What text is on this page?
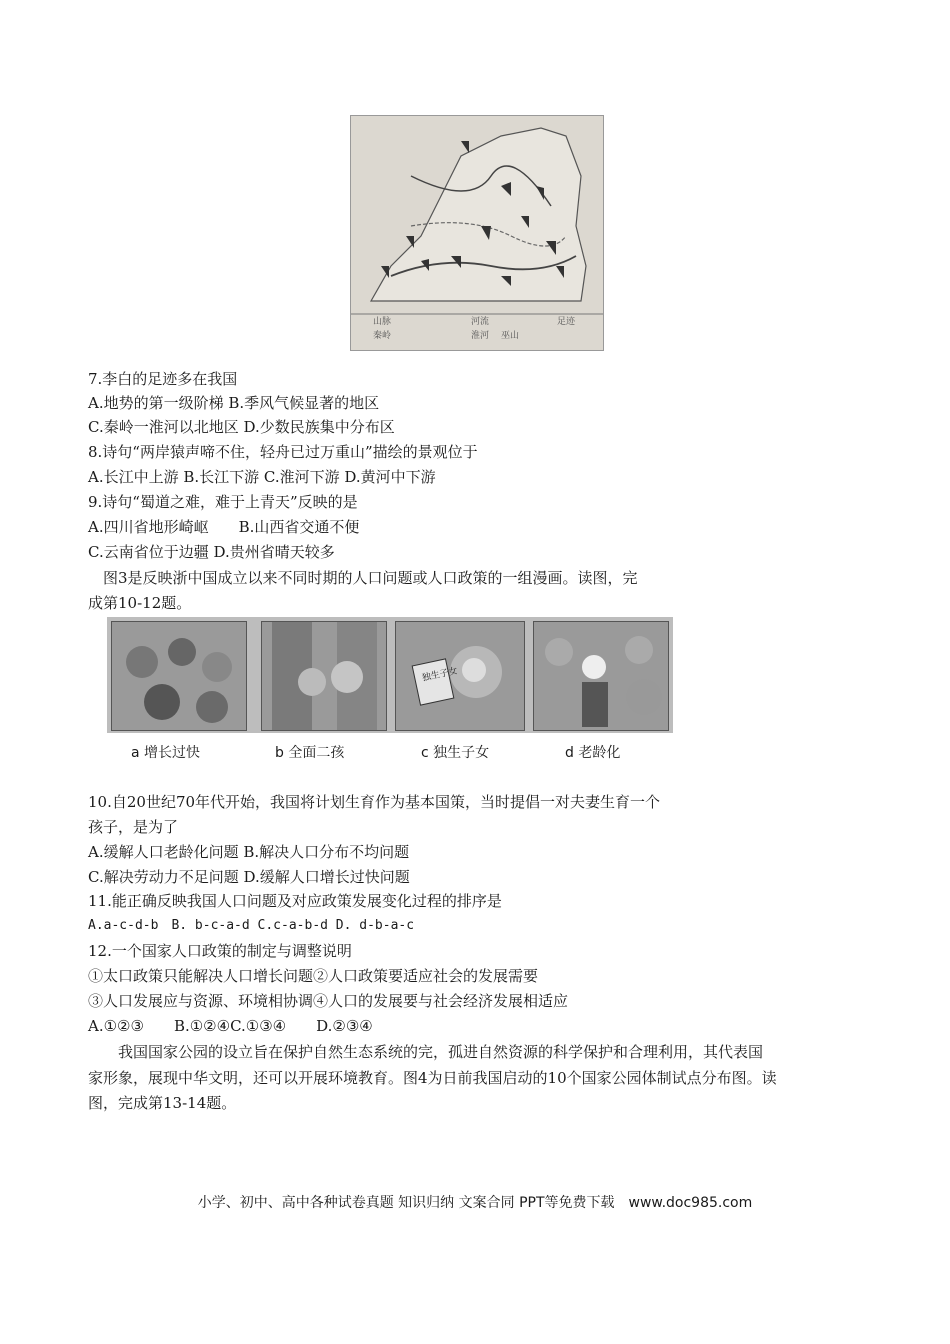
山脉	河流	足迹
秦岭	淮河 巫山
7.李白的足迹多在我国
A.地势的第一级阶梯 B.季风气候显著的地区
C.秦岭一淮河以北地区 D.少数民族集中分布区
8.诗句“两岸猿声啼不住，轻舟已过万重山”描绘的景观位于
A.长江中上游 B.长江下游 C.淮河下游 D.黄河中下游
9.诗句“蜀道之难，难于上青天”反映的是
A.四川省地形崎岖　　B.山西省交通不便
C.云南省位于边疆 D.贵州省晴天较多
　图3是反映浙中国成立以来不同时期的人口问题或人口政策的一组漫画。读图，完
成第10-12题。
独生子女
a 增长过快	b 全面二孩	c 独生子女	d 老龄化
10.自20世纪70年代开始，我国将计划生育作为基本国策，当时提倡一对夫妻生育一个
孩子，是为了
A.缓解人口老龄化问题 B.解决人口分布不均问题
C.解决劳动力不足问题 D.缓解人口增长过快问题
11.能正确反映我国人口问题及对应政策发展变化过程的排序是
A.a-c-d-b　B. b-c-a-d C.c-a-b-d D. d-b-a-c
12.一个国家人口政策的制定与调整说明
①太口政策只能解决人口增长问题②人口政策要适应社会的发展需要
③人口发展应与资源、环境相协调④人口的发展要与社会经济发展相适应
A.①②③　　B.①②④C.①③④　　D.②③④
　　我国国家公园的设立旨在保护自然生态系统的完，孤进自然资源的科学保护和合理利用，其代表国
家形象，展现中华文明，还可以开展环境教育。图4为日前我国启动的10个国家公园体制试点分布图。读
图，完成第13-14题。
小学、初中、高中各种试卷真题 知识归纳 文案合同 PPT等免费下载　www.doc985.com
